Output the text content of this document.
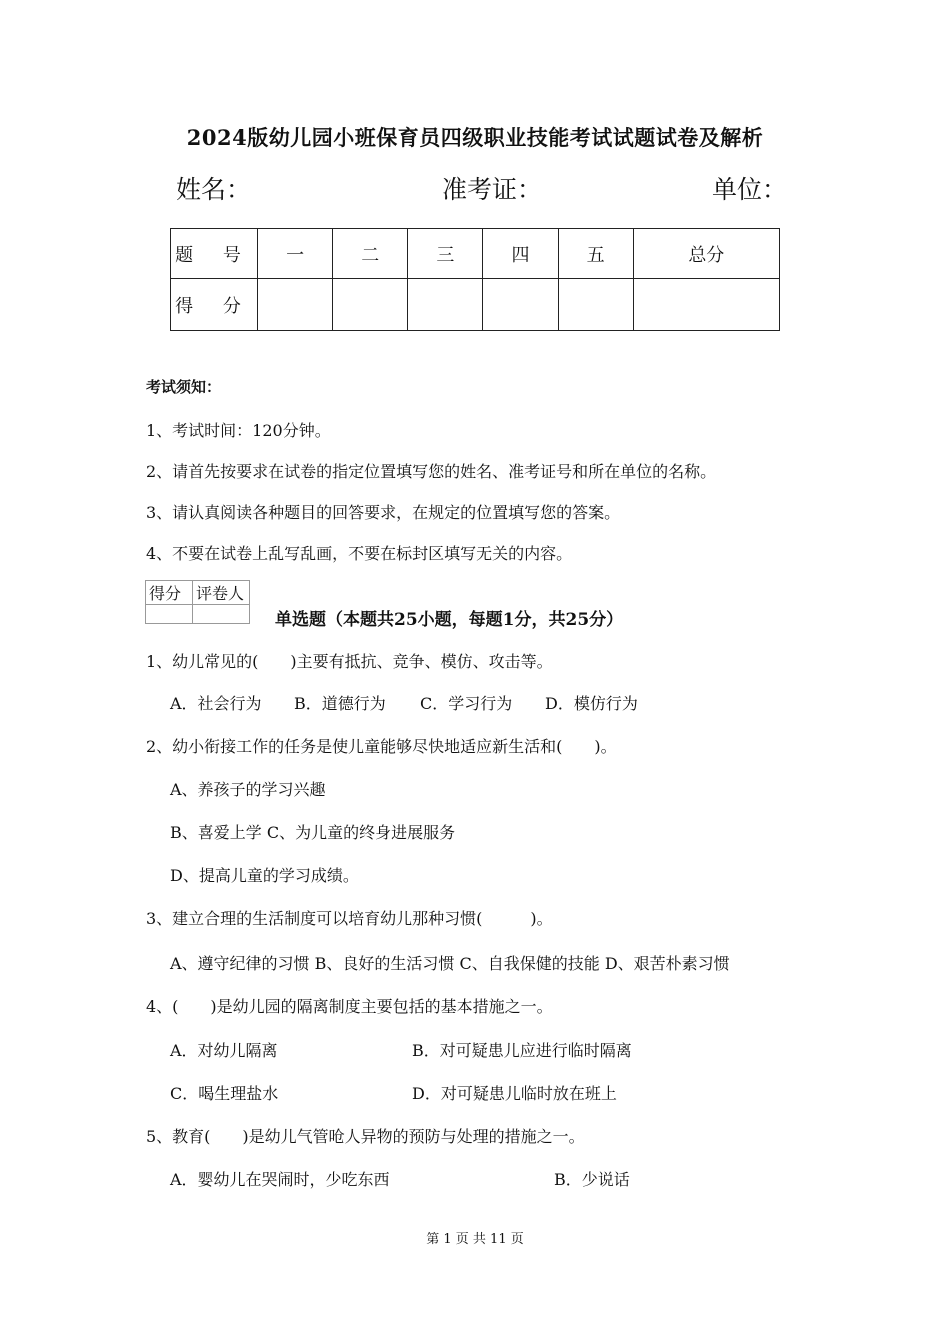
2024版幼儿园小班保育员四级职业技能考试试题试卷及解析
姓名：	准考证：	单位：
题 号	一	二	三	四	五	总分
得 分						
考试须知：
1、考试时间：120分钟。
2、请首先按要求在试卷的指定位置填写您的姓名、准考证号和所在单位的名称。
3、请认真阅读各种题目的回答要求，在规定的位置填写您的答案。
4、不要在试卷上乱写乱画，不要在标封区填写无关的内容。
得分	评卷人

单选题（本题共25小题，每题1分，共25分）
1、幼儿常见的(　　)主要有抵抗、竞争、模仿、攻击等。
A．社会行为 B．道德行为 C．学习行为 D．模仿行为
2、幼小衔接工作的任务是使儿童能够尽快地适应新生活和(　　)。
A、养孩子的学习兴趣
B、喜爱上学 C、为儿童的终身进展服务
D、提高儿童的学习成绩。
3、建立合理的生活制度可以培育幼儿那种习惯(　　　)。
A、遵守纪律的习惯 B、良好的生活习惯 C、自我保健的技能 D、艰苦朴素习惯
4、(　　)是幼儿园的隔离制度主要包括的基本措施之一。
A．对幼儿隔离	B．对可疑患儿应进行临时隔离
C．喝生理盐水	D．对可疑患儿临时放在班上
5、教育(　　)是幼儿气管呛人异物的预防与处理的措施之一。
A．婴幼儿在哭闹时，少吃东西	B．少说话
第 1 页 共 11 页
